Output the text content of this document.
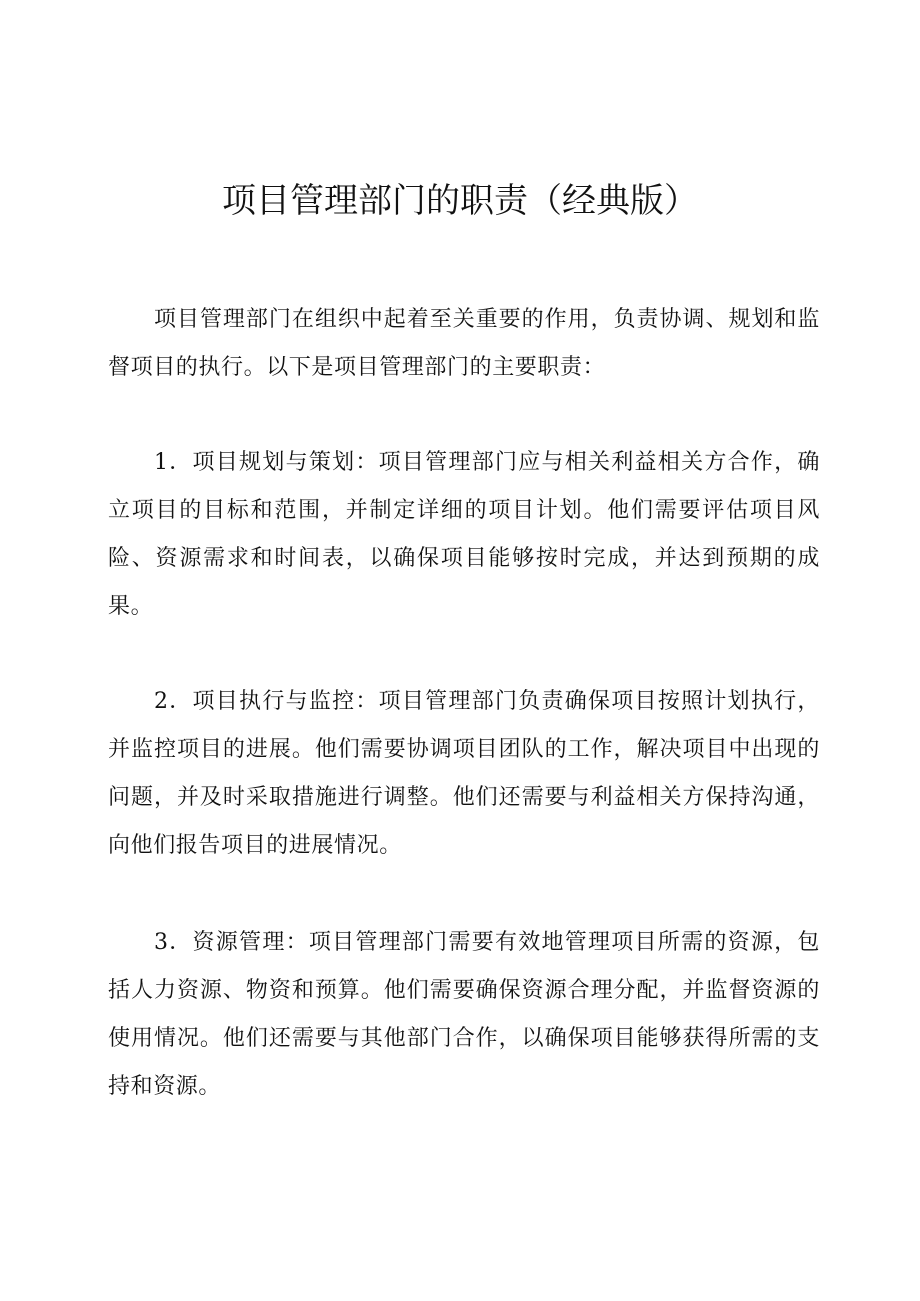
项目管理部门的职责（经典版）

项目管理部门在组织中起着至关重要的作用，负责协调、规划和监督项目的执行。以下是项目管理部门的主要职责：

1．项目规划与策划：项目管理部门应与相关利益相关方合作，确立项目的目标和范围，并制定详细的项目计划。他们需要评估项目风险、资源需求和时间表，以确保项目能够按时完成，并达到预期的成果。

2．项目执行与监控：项目管理部门负责确保项目按照计划执行，并监控项目的进展。他们需要协调项目团队的工作，解决项目中出现的问题，并及时采取措施进行调整。他们还需要与利益相关方保持沟通，向他们报告项目的进展情况。

3．资源管理：项目管理部门需要有效地管理项目所需的资源，包括人力资源、物资和预算。他们需要确保资源合理分配，并监督资源的使用情况。他们还需要与其他部门合作，以确保项目能够获得所需的支持和资源。
